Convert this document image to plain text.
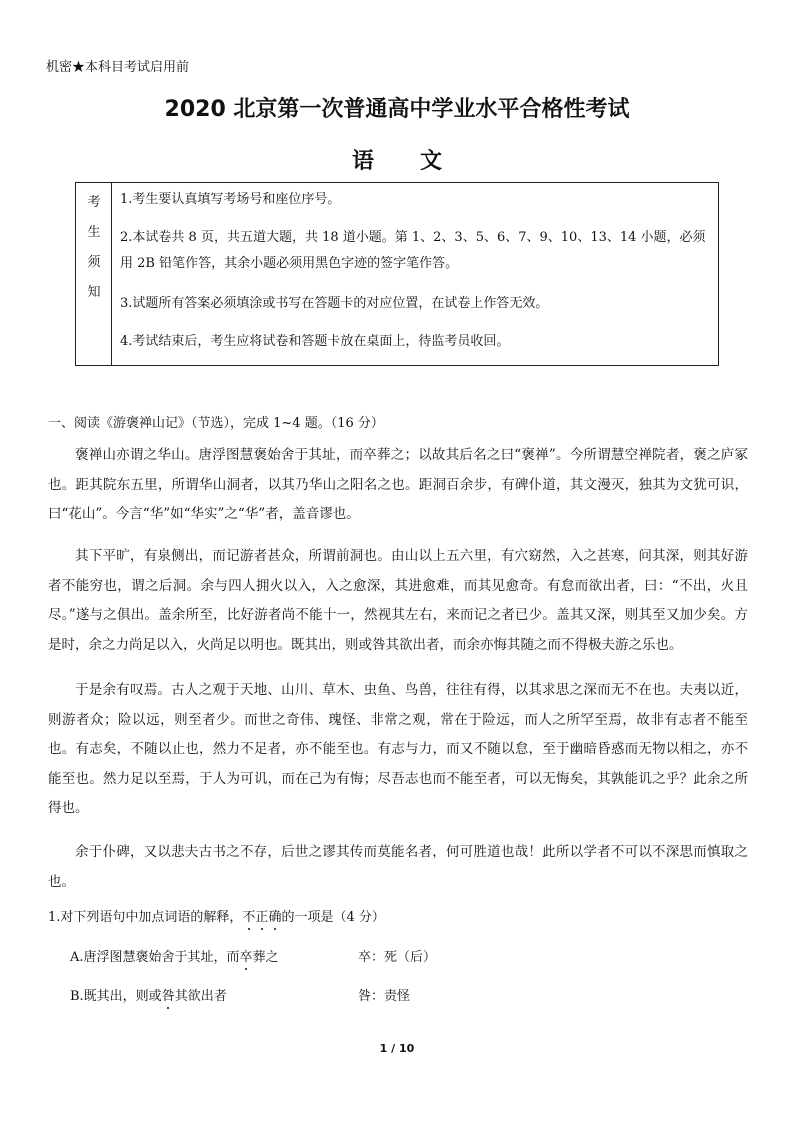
机密★本科目考试启用前
2020 北京第一次普通高中学业水平合格性考试
语文
考
生
须
知
1.考生要认真填写考场号和座位序号。
2.本试卷共 8 页，共五道大题，共 18 道小题。第 1、2、3、5、6、7、9、10、13、14 小题，必须用 2B 铅笔作答，其余小题必须用黑色字迹的签字笔作答。
3.试题所有答案必须填涂或书写在答题卡的对应位置，在试卷上作答无效。
4.考试结束后，考生应将试卷和答题卡放在桌面上，待监考员收回。
一、阅读《游褒禅山记》（节选），完成 1~4 题。（16 分）
褒禅山亦谓之华山。唐浮图慧褒始舍于其址，而卒葬之；以故其后名之曰“褒禅”。今所谓慧空禅院者，褒之庐冢也。距其院东五里，所谓华山洞者，以其乃华山之阳名之也。距洞百余步，有碑仆道，其文漫灭，独其为文犹可识，曰“花山”。今言“华”如“华实”之“华”者，盖音谬也。
其下平旷，有泉侧出，而记游者甚众，所谓前洞也。由山以上五六里，有穴窈然，入之甚寒，问其深，则其好游者不能穷也，谓之后洞。余与四人拥火以入，入之愈深，其进愈难，而其见愈奇。有怠而欲出者，曰：“不出，火且尽。”遂与之俱出。盖余所至，比好游者尚不能十一，然视其左右，来而记之者已少。盖其又深，则其至又加少矣。方是时，余之力尚足以入，火尚足以明也。既其出，则或咎其欲出者，而余亦悔其随之而不得极夫游之乐也。
于是余有叹焉。古人之观于天地、山川、草木、虫鱼、鸟兽，往往有得，以其求思之深而无不在也。夫夷以近，则游者众；险以远，则至者少。而世之奇伟、瑰怪、非常之观，常在于险远，而人之所罕至焉，故非有志者不能至也。有志矣，不随以止也，然力不足者，亦不能至也。有志与力，而又不随以怠，至于幽暗昏惑而无物以相之，亦不能至也。然力足以至焉，于人为可讥，而在己为有悔；尽吾志也而不能至者，可以无悔矣，其孰能讥之乎？此余之所得也。
余于仆碑，又以悲夫古书之不存，后世之谬其传而莫能名者，何可胜道也哉！此所以学者不可以不深思而慎取之也。
1.对下列语句中加点词语的解释，不正确的一项是（4 分）
A.唐浮图慧褒始舍于其址，而卒葬之	卒：死（后）
B.既其出，则或咎其欲出者	咎：责怪
1 / 10
